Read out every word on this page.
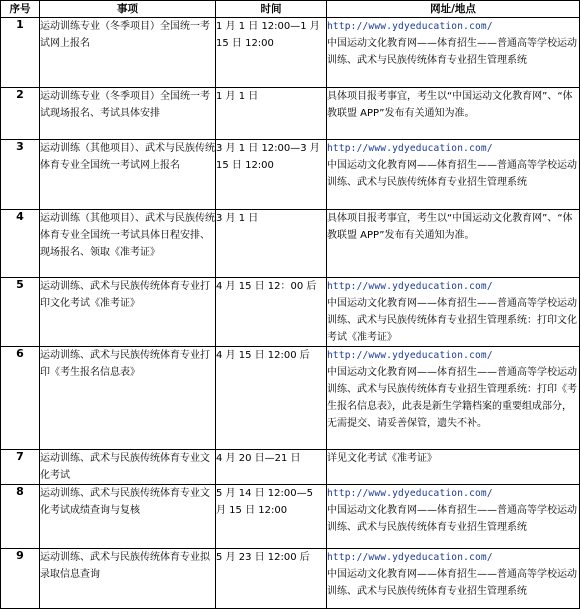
序号	事项	时间	网址/地点
1	运动训练专业（冬季项目）全国统一考试网上报名	1 月 1 日 12:00—1 月 15 日 12:00	http://www.ydyeducation.com/
中国运动文化教育网——体育招生——普通高等学校运动训练、武术与民族传统体育专业招生管理系统

2	运动训练专业（冬季项目）全国统一考试现场报名、考试具体安排	1 月 1 日	具体项目报考事宜，考生以“中国运动文化教育网”、“体教联盟 APP”发布有关通知为准。

3	运动训练（其他项目）、武术与民族传统体育专业全国统一考试网上报名	3 月 1 日 12:00—3 月 15 日 12:00	http://www.ydyeducation.com/
中国运动文化教育网——体育招生——普通高等学校运动训练、武术与民族传统体育专业招生管理系统

4	运动训练（其他项目）、武术与民族传统体育专业全国统一考试具体日程安排、现场报名、领取《准考证》	3 月 1 日	具体项目报考事宜，考生以“中国运动文化教育网”、“体教联盟 APP”发布有关通知为准。

5	运动训练、武术与民族传统体育专业打印文化考试《准考证》	4 月 15 日 12：00 后	http://www.ydyeducation.com/
中国运动文化教育网——体育招生——普通高等学校运动训练、武术与民族传统体育专业招生管理系统：打印文化考试《准考证》

6	运动训练、武术与民族传统体育专业打印《考生报名信息表》	4 月 15 日 12:00 后	http://www.ydyeducation.com/
中国运动文化教育网——体育招生——普通高等学校运动训练、武术与民族传统体育专业招生管理系统：打印《考生报名信息表》，此表是新生学籍档案的重要组成部分，无需提交、请妥善保管，遗失不补。

7	运动训练、武术与民族传统体育专业文化考试	4 月 20 日—21 日	详见文化考试《准考证》

8	运动训练、武术与民族传统体育专业文化考试成绩查询与复核	5 月 14 日 12:00—5 月 15 日 12:00	http://www.ydyeducation.com/
中国运动文化教育网——体育招生——普通高等学校运动训练、武术与民族传统体育专业招生管理系统

9	运动训练、武术与民族传统体育专业拟录取信息查询	5 月 23 日 12:00 后	http://www.ydyeducation.com/
中国运动文化教育网——体育招生——普通高等学校运动训练、武术与民族传统体育专业招生管理系统
